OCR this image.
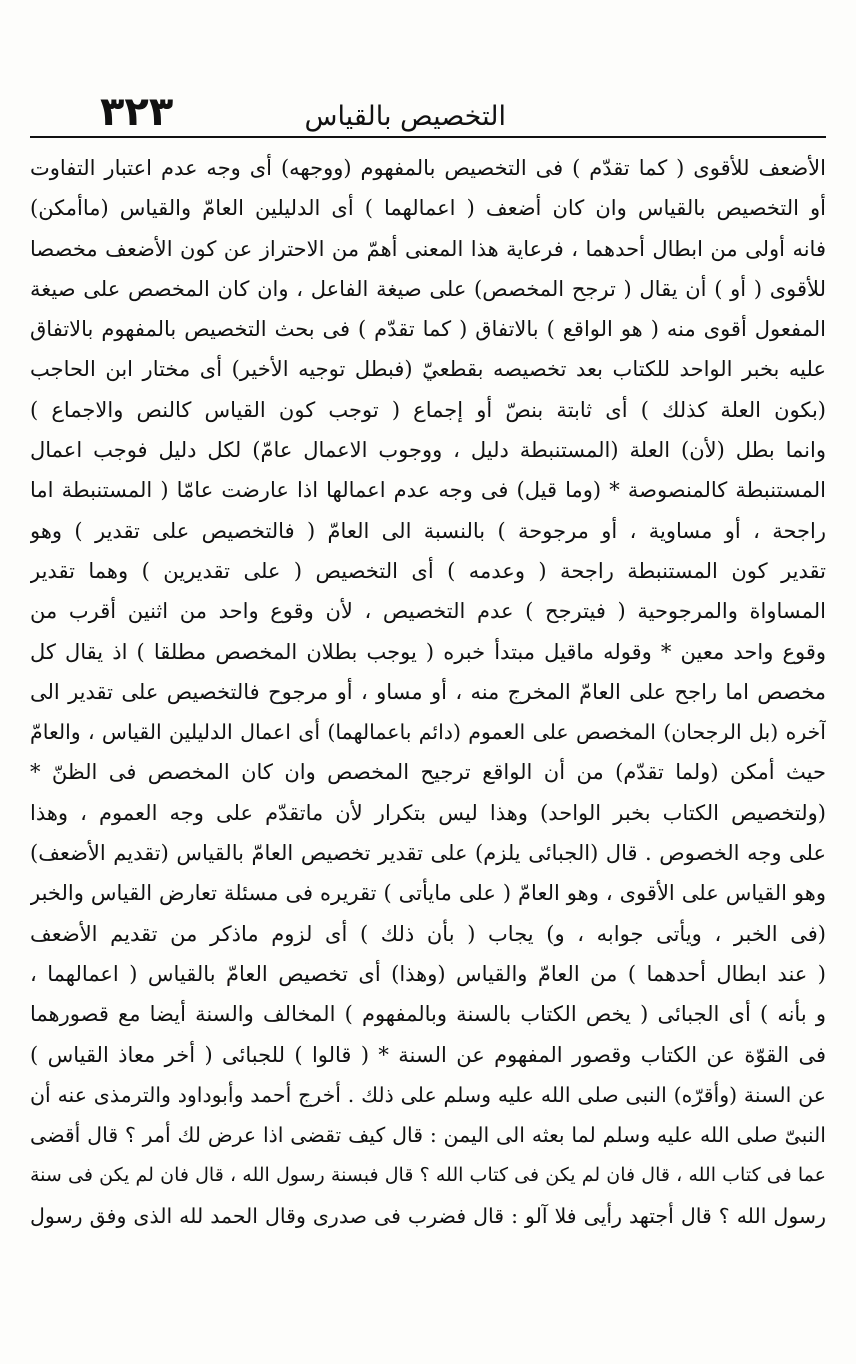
٣٢٣	التخصيص بالقياس
الأضعف للأقوى ( كما تقدّم ) فى التخصيص بالمفهوم (ووجهه) أى وجه عدم اعتبار التفاوت
أو التخصيص بالقياس وان كان أضعف ( اعمالهما ) أى الدليلين العامّ والقياس (ماأمكن)
فانه أولى من ابطال أحدهما ، فرعاية هذا المعنى أهمّ من الاحتراز عن كون الأضعف مخصصا
للأقوى ( أو ) أن يقال ( ترجح المخصص) على صيغة الفاعل ، وان كان المخصص على صيغة
المفعول أقوى منه ( هو الواقع ) بالاتفاق ( كما تقدّم ) فى بحث التخصيص بالمفهوم بالاتفاق
عليه بخبر الواحد للكتاب بعد تخصيصه بقطعيّ (فبطل توجيه الأخير) أى مختار ابن الحاجب
(بكون العلة كذلك ) أى ثابتة بنصّ أو إجماع ( توجب كون القياس كالنص والاجماع )
وانما بطل (لأن) العلة (المستنبطة دليل ، ووجوب الاعمال عامّ) لكل دليل فوجب اعمال
المستنبطة كالمنصوصة * (وما قيل) فى وجه عدم اعمالها اذا عارضت عامّا ( المستنبطة اما
راجحة ، أو مساوية ، أو مرجوحة ) بالنسبة الى العامّ ( فالتخصيص على تقدير ) وهو
تقدير كون المستنبطة راجحة ( وعدمه ) أى التخصيص ( على تقديرين ) وهما تقدير
المساواة والمرجوحية ( فيترجح ) عدم التخصيص ، لأن وقوع واحد من اثنين أقرب من
وقوع واحد معين * وقوله ماقيل مبتدأ خبره ( يوجب بطلان المخصص مطلقا ) اذ يقال كل
مخصص اما راجح على العامّ المخرج منه ، أو مساو ، أو مرجوح فالتخصيص على تقدير الى
آخره (بل الرجحان) المخصص على العموم (دائم باعمالهما) أى اعمال الدليلين القياس ، والعامّ
حيث أمكن (ولما تقدّم) من أن الواقع ترجيح المخصص وان كان المخصص فى الظنّ *
(ولتخصيص الكتاب بخبر الواحد) وهذا ليس بتكرار لأن ماتقدّم على وجه العموم ، وهذا
على وجه الخصوص . قال (الجبائى يلزم) على تقدير تخصيص العامّ بالقياس (تقديم الأضعف)
وهو القياس على الأقوى ، وهو العامّ ( على مايأتى ) تقريره فى مسئلة تعارض القياس والخبر
(فى الخبر ، ويأتى جوابه ، و) يجاب ( بأن ذلك ) أى لزوم ماذكر من تقديم الأضعف
( عند ابطال أحدهما ) من العامّ والقياس (وهذا) أى تخصيص العامّ بالقياس ( اعمالهما ،
و بأنه ) أى الجبائى ( يخص الكتاب بالسنة وبالمفهوم ) المخالف والسنة أيضا مع قصورهما
فى القوّة عن الكتاب وقصور المفهوم عن السنة * ( قالوا ) للجبائى ( أخر معاذ القياس )
عن السنة (وأقرّه) النبى صلى الله عليه وسلم على ذلك . أخرج أحمد وأبوداود والترمذى عنه أن
النبىّ صلى الله عليه وسلم لما بعثه الى اليمن : قال كيف تقضى اذا عرض لك أمر ؟ قال أقضى
عما فى كتاب الله ، قال فان لم يكن فى كتاب الله ؟ قال فبسنة رسول الله ، قال فان لم يكن فى سنة
رسول الله ؟ قال أجتهد رأيى فلا آلو : قال فضرب فى صدرى وقال الحمد لله الذى وفق رسول
